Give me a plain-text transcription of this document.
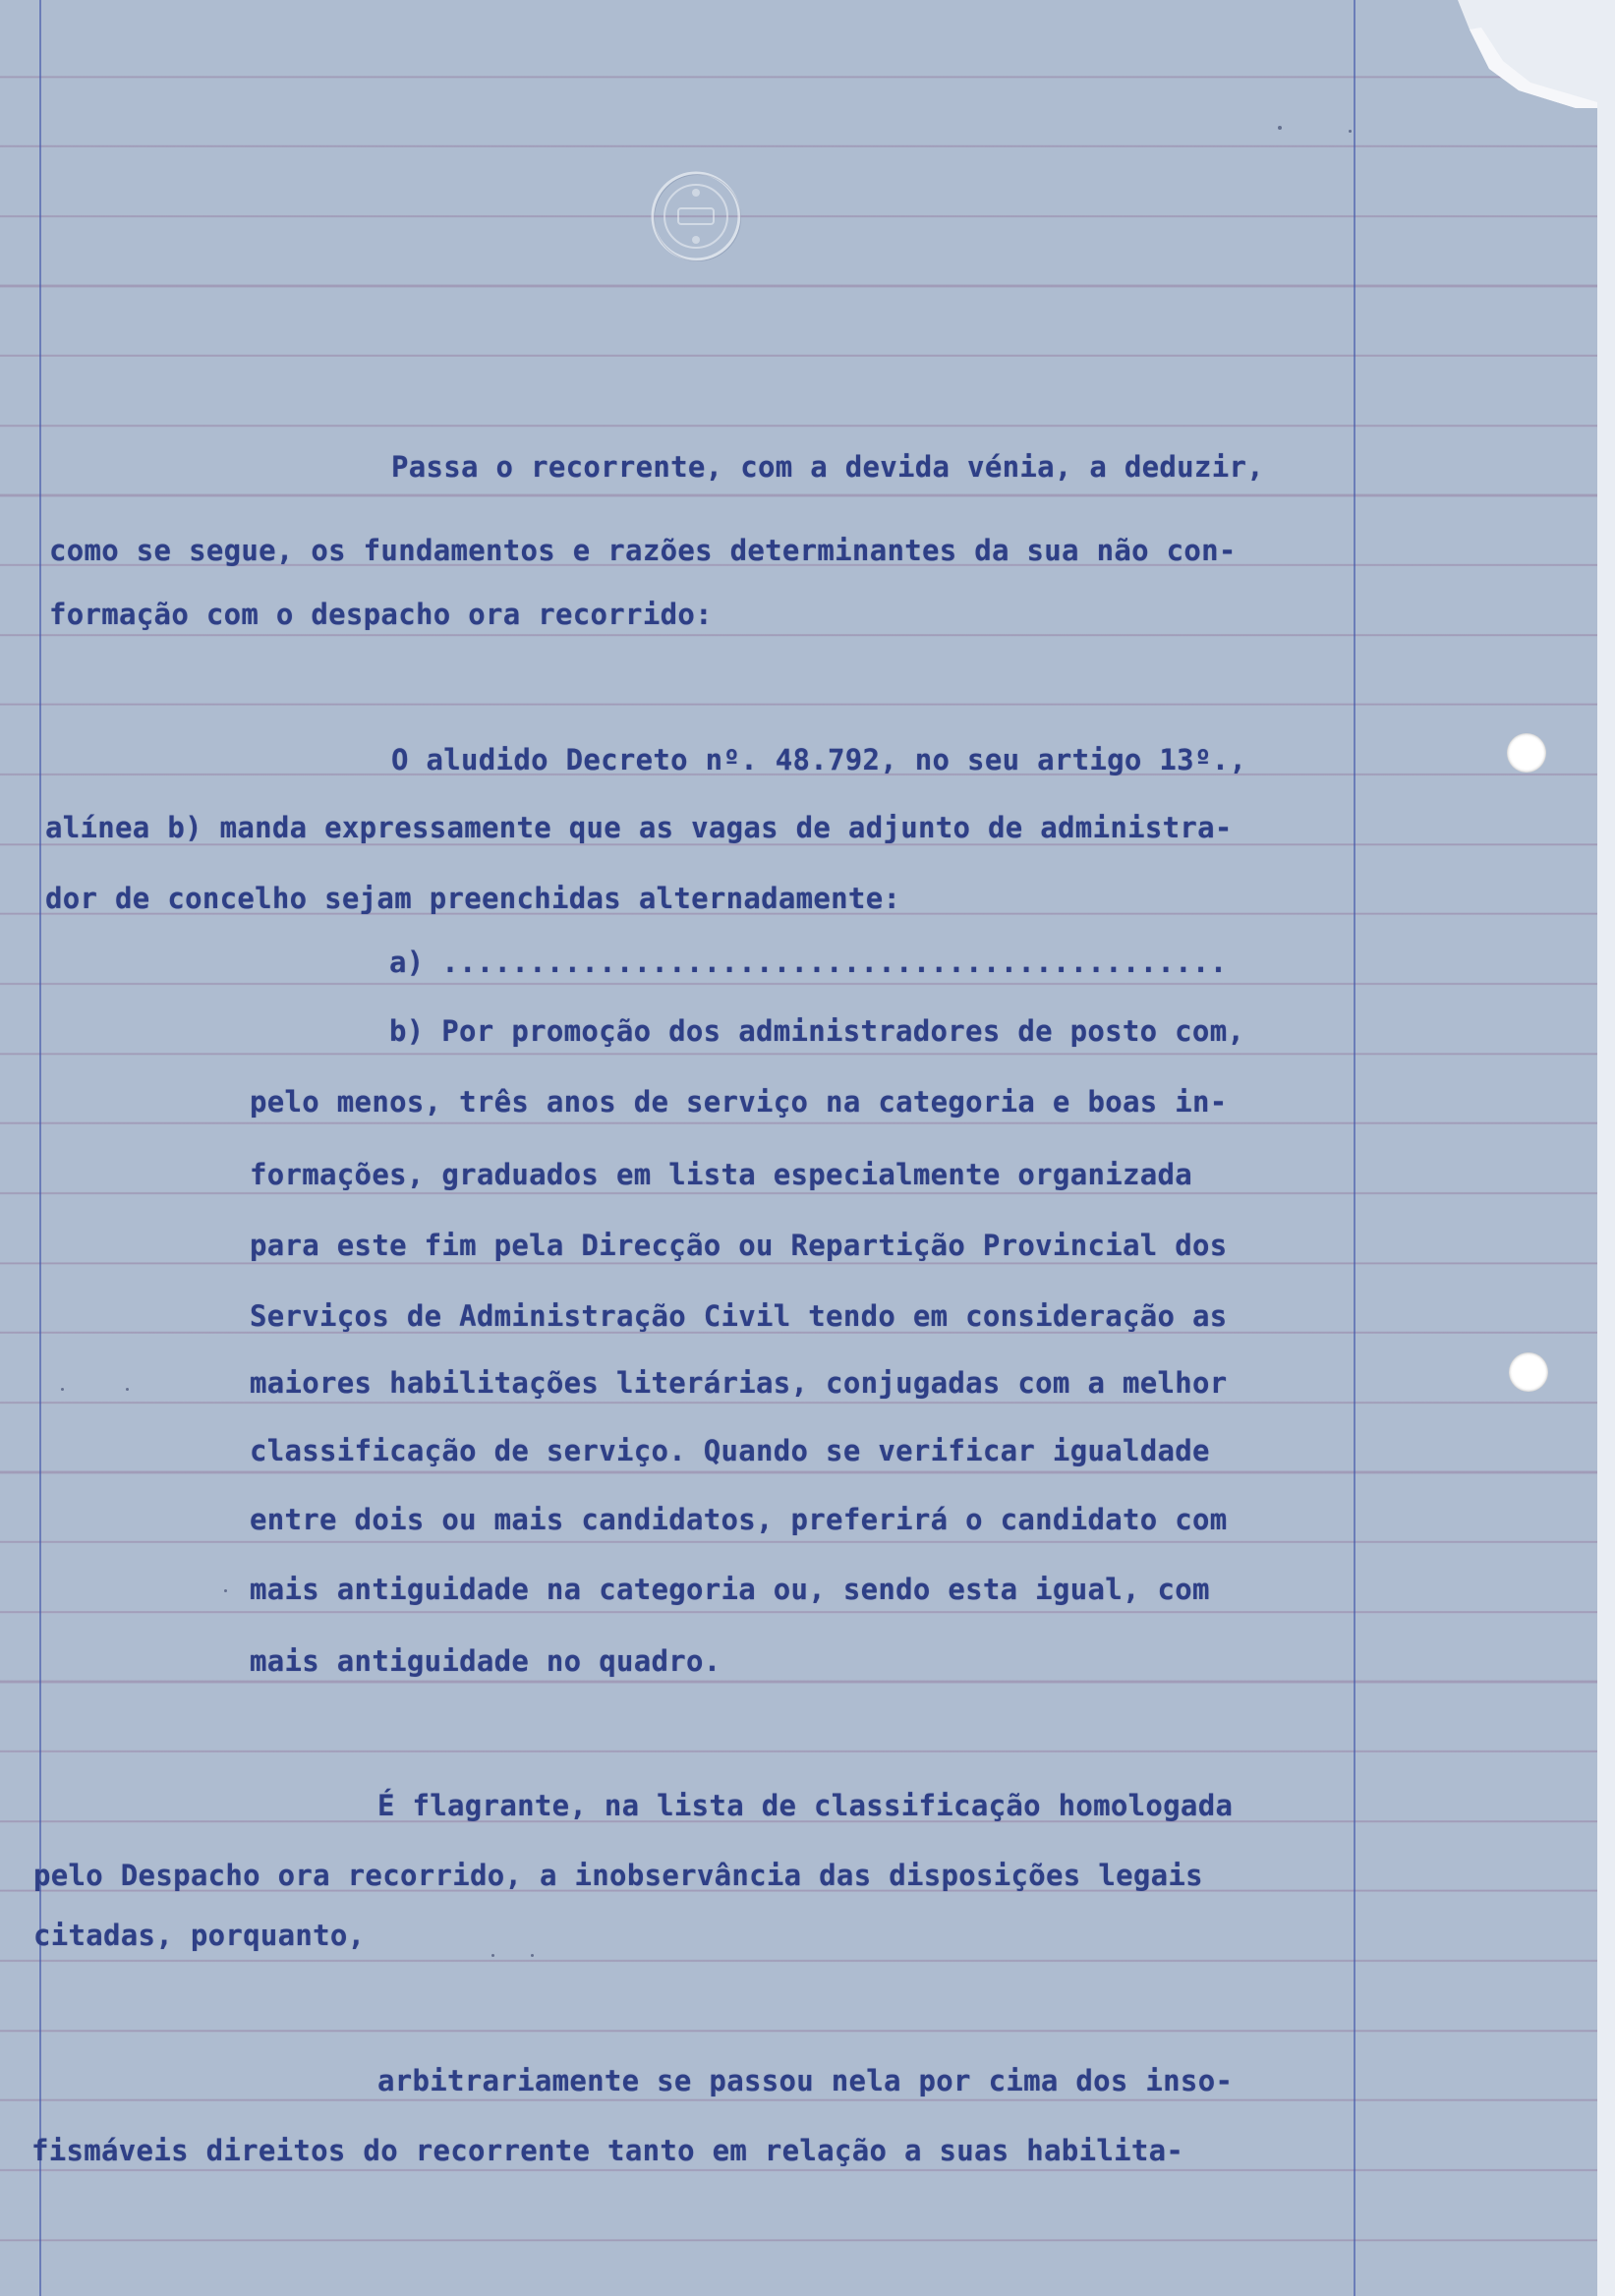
Passa o recorrente, com a devida vénia, a deduzir,
como se segue, os fundamentos e razões determinantes da sua não con-
formação com o despacho ora recorrido:
O aludido Decreto nº. 48.792, no seu artigo 13º.,
alínea b) manda expressamente que as vagas de adjunto de administra-
dor de concelho sejam preenchidas alternadamente:
a) .............................................
b) Por promoção dos administradores de posto com,
pelo menos, três anos de serviço na categoria e boas in-
formações, graduados em lista especialmente organizada
para este fim pela Direcção ou Repartição Provincial dos
Serviços de Administração Civil tendo em consideração as
maiores habilitações literárias, conjugadas com a melhor
classificação de serviço. Quando se verificar igualdade
entre dois ou mais candidatos, preferirá o candidato com
mais antiguidade na categoria ou, sendo esta igual, com
mais antiguidade no quadro.
É flagrante, na lista de classificação homologada
pelo Despacho ora recorrido, a inobservância das disposições legais
citadas, porquanto,
arbitrariamente se passou nela por cima dos inso-
fismáveis direitos do recorrente tanto em relação a suas habilita-
